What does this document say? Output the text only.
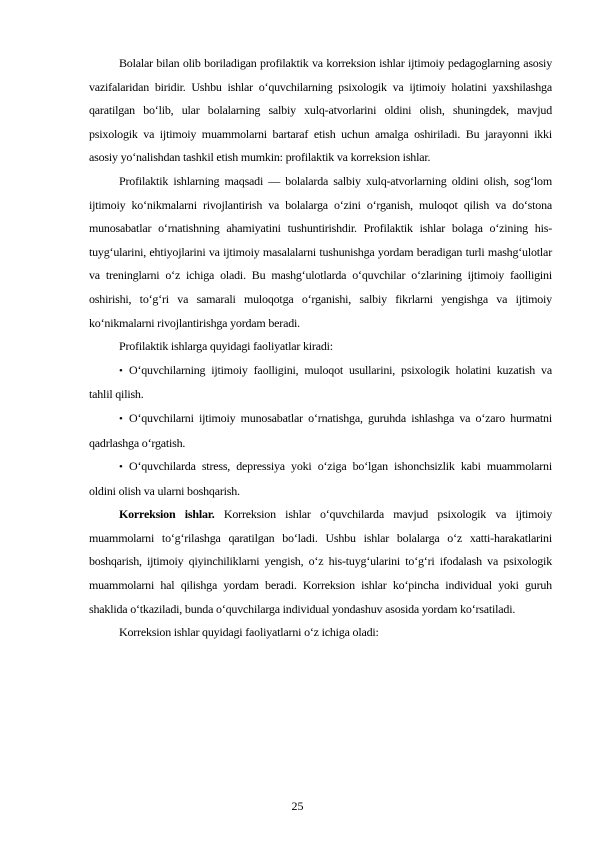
Bolalar bilan olib boriladigan profilaktik va korreksion ishlar ijtimoiy pedagoglarning asosiy vazifalaridan biridir. Ushbu ishlar o‘quvchilarning psixologik va ijtimoiy holatini yaxshilashga qaratilgan bo‘lib, ular bolalarning salbiy xulq-atvorlarini oldini olish, shuningdek, mavjud psixologik va ijtimoiy muammolarni bartaraf etish uchun amalga oshiriladi. Bu jarayonni ikki asosiy yo‘nalishdan tashkil etish mumkin: profilaktik va korreksion ishlar.

Profilaktik ishlarning maqsadi — bolalarda salbiy xulq-atvorlarning oldini olish, sog‘lom ijtimoiy ko‘nikmalarni rivojlantirish va bolalarga o‘zini o‘rganish, muloqot qilish va do‘stona munosabatlar o‘rnatishning ahamiyatini tushuntirishdir. Profilaktik ishlar bolaga o‘zining his-tuyg‘ularini, ehtiyojlarini va ijtimoiy masalalarni tushunishga yordam beradigan turli mashg‘ulotlar va treninglarni o‘z ichiga oladi. Bu mashg‘ulotlarda o‘quvchilar o‘zlarining ijtimoiy faolligini oshirishi, to‘g‘ri va samarali muloqotga o‘rganishi, salbiy fikrlarni yengishga va ijtimoiy ko‘nikmalarni rivojlantirishga yordam beradi.

Profilaktik ishlarga quyidagi faoliyatlar kiradi:

• O‘quvchilarning ijtimoiy faolligini, muloqot usullarini, psixologik holatini kuzatish va tahlil qilish.

• O‘quvchilarni ijtimoiy munosabatlar o‘rnatishga, guruhda ishlashga va o‘zaro hurmatni qadrlashga o‘rgatish.

• O‘quvchilarda stress, depressiya yoki o‘ziga bo‘lgan ishonchsizlik kabi muammolarni oldini olish va ularni boshqarish.

Korreksion ishlar. Korreksion ishlar o‘quvchilarda mavjud psixologik va ijtimoiy muammolarni to‘g‘rilashga qaratilgan bo‘ladi. Ushbu ishlar bolalarga o‘z xatti-harakatlarini boshqarish, ijtimoiy qiyinchiliklarni yengish, o‘z his-tuyg‘ularini to‘g‘ri ifodalash va psixologik muammolarni hal qilishga yordam beradi. Korreksion ishlar ko‘pincha individual yoki guruh shaklida o‘tkaziladi, bunda o‘quvchilarga individual yondashuv asosida yordam ko‘rsatiladi.

Korreksion ishlar quyidagi faoliyatlarni o‘z ichiga oladi:

25
